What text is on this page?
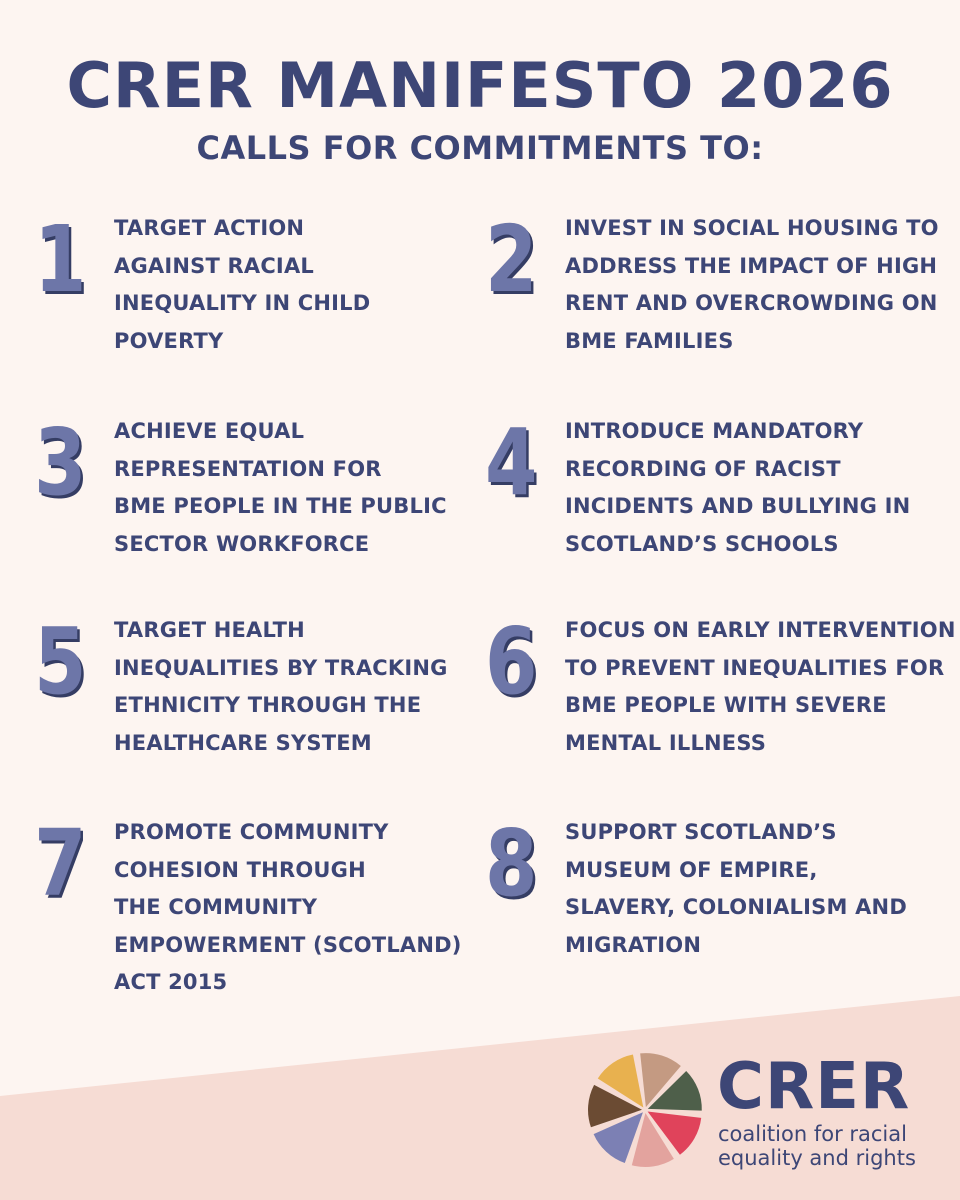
CRER MANIFESTO 2026
CALLS FOR COMMITMENTS TO:
1 TARGET ACTION
AGAINST RACIAL
INEQUALITY IN CHILD
POVERTY
2 INVEST IN SOCIAL HOUSING TO
ADDRESS THE IMPACT OF HIGH
RENT AND OVERCROWDING ON
BME FAMILIES
3 ACHIEVE EQUAL
REPRESENTATION FOR
BME PEOPLE IN THE PUBLIC
SECTOR WORKFORCE
4 INTRODUCE MANDATORY
RECORDING OF RACIST
INCIDENTS AND BULLYING IN
SCOTLAND’S SCHOOLS
5 TARGET HEALTH
INEQUALITIES BY TRACKING
ETHNICITY THROUGH THE
HEALTHCARE SYSTEM
6 FOCUS ON EARLY INTERVENTION
TO PREVENT INEQUALITIES FOR
BME PEOPLE WITH SEVERE
MENTAL ILLNESS
7 PROMOTE COMMUNITY
COHESION THROUGH
THE COMMUNITY
EMPOWERMENT (SCOTLAND)
ACT 2015
8 SUPPORT SCOTLAND’S
MUSEUM OF EMPIRE,
SLAVERY, COLONIALISM AND
MIGRATION
CRER
coalition for racial
equality and rights
